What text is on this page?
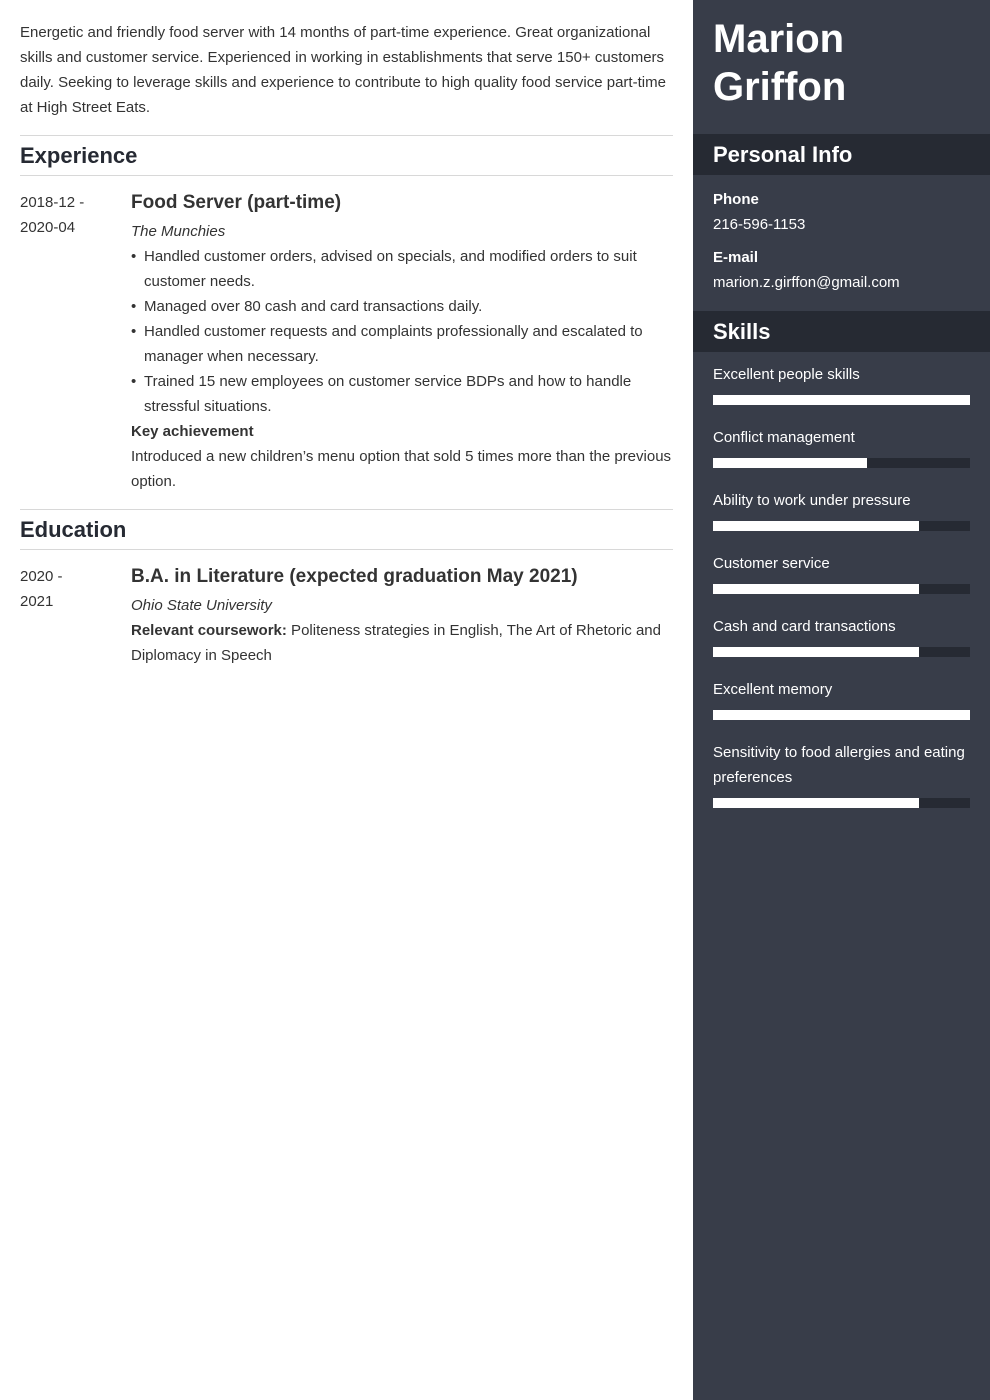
Energetic and friendly food server with 14 months of part-time experience. Great organizational skills and customer service. Experienced in working in establishments that serve 150+ customers daily. Seeking to leverage skills and experience to contribute to high quality food service part-time at High Street Eats.

Experience
2018-12 -
2020-04
Food Server (part-time)
The Munchies
• Handled customer orders, advised on specials, and modified orders to suit customer needs.
• Managed over 80 cash and card transactions daily.
• Handled customer requests and complaints professionally and escalated to manager when necessary.
• Trained 15 new employees on customer service BDPs and how to handle stressful situations.
Key achievement
Introduced a new children’s menu option that sold 5 times more than the previous option.
Education
2020 -
2021
B.A. in Literature (expected graduation May 2021)
Ohio State University
Relevant coursework: Politeness strategies in English, The Art of Rhetoric and Diplomacy in Speech
Marion
Griffon
Personal Info
Phone
216-596-1153
E-mail
marion.z.girffon@gmail.com
Skills
Excellent people skills
Conflict management
Ability to work under pressure
Customer service
Cash and card transactions
Excellent memory
Sensitivity to food allergies and eating preferences
